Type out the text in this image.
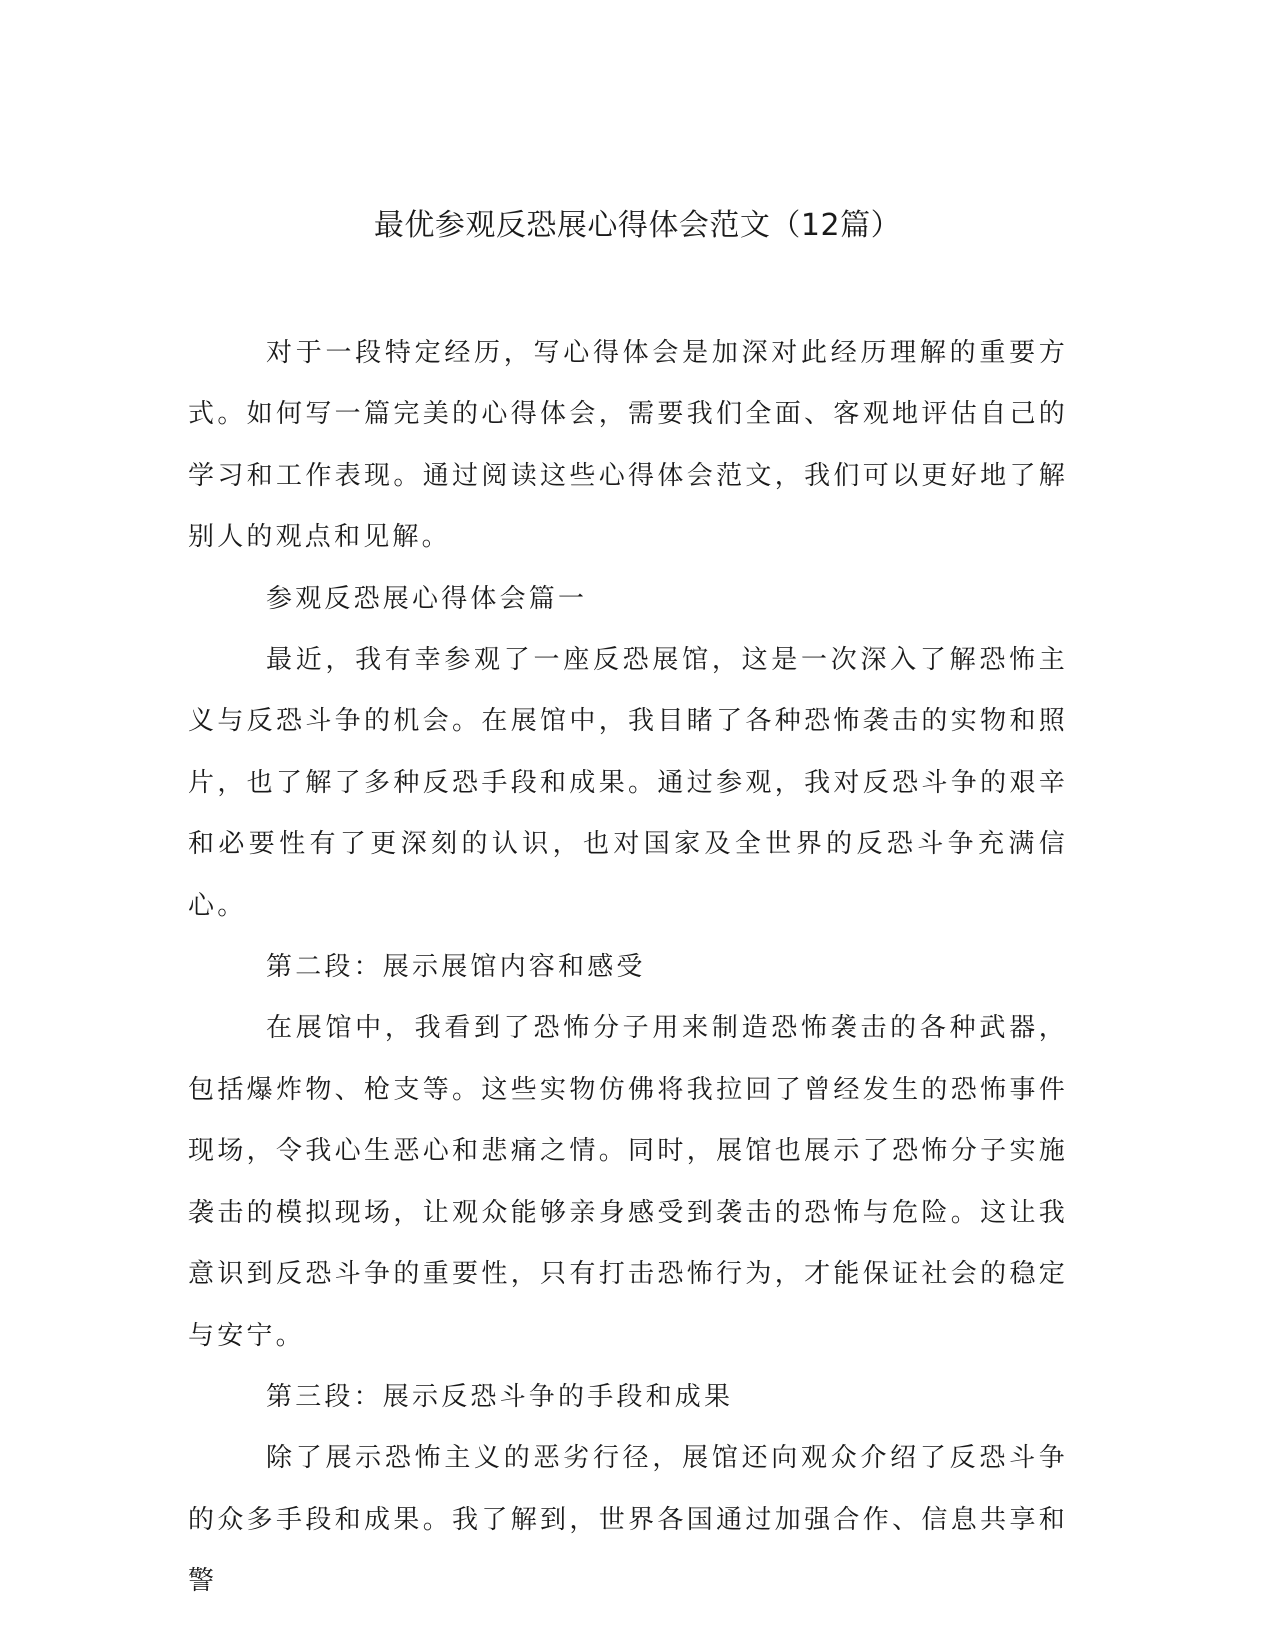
最优参观反恐展心得体会范文（12篇）

对于一段特定经历，写心得体会是加深对此经历理解的重要方式。如何写一篇完美的心得体会，需要我们全面、客观地评估自己的学习和工作表现。通过阅读这些心得体会范文，我们可以更好地了解别人的观点和见解。

参观反恐展心得体会篇一

最近，我有幸参观了一座反恐展馆，这是一次深入了解恐怖主义与反恐斗争的机会。在展馆中，我目睹了各种恐怖袭击的实物和照片，也了解了多种反恐手段和成果。通过参观，我对反恐斗争的艰辛和必要性有了更深刻的认识，也对国家及全世界的反恐斗争充满信心。

第二段：展示展馆内容和感受

在展馆中，我看到了恐怖分子用来制造恐怖袭击的各种武器，包括爆炸物、枪支等。这些实物仿佛将我拉回了曾经发生的恐怖事件现场，令我心生恶心和悲痛之情。同时，展馆也展示了恐怖分子实施袭击的模拟现场，让观众能够亲身感受到袭击的恐怖与危险。这让我意识到反恐斗争的重要性，只有打击恐怖行为，才能保证社会的稳定与安宁。

第三段：展示反恐斗争的手段和成果

除了展示恐怖主义的恶劣行径，展馆还向观众介绍了反恐斗争的众多手段和成果。我了解到，世界各国通过加强合作、信息共享和警
